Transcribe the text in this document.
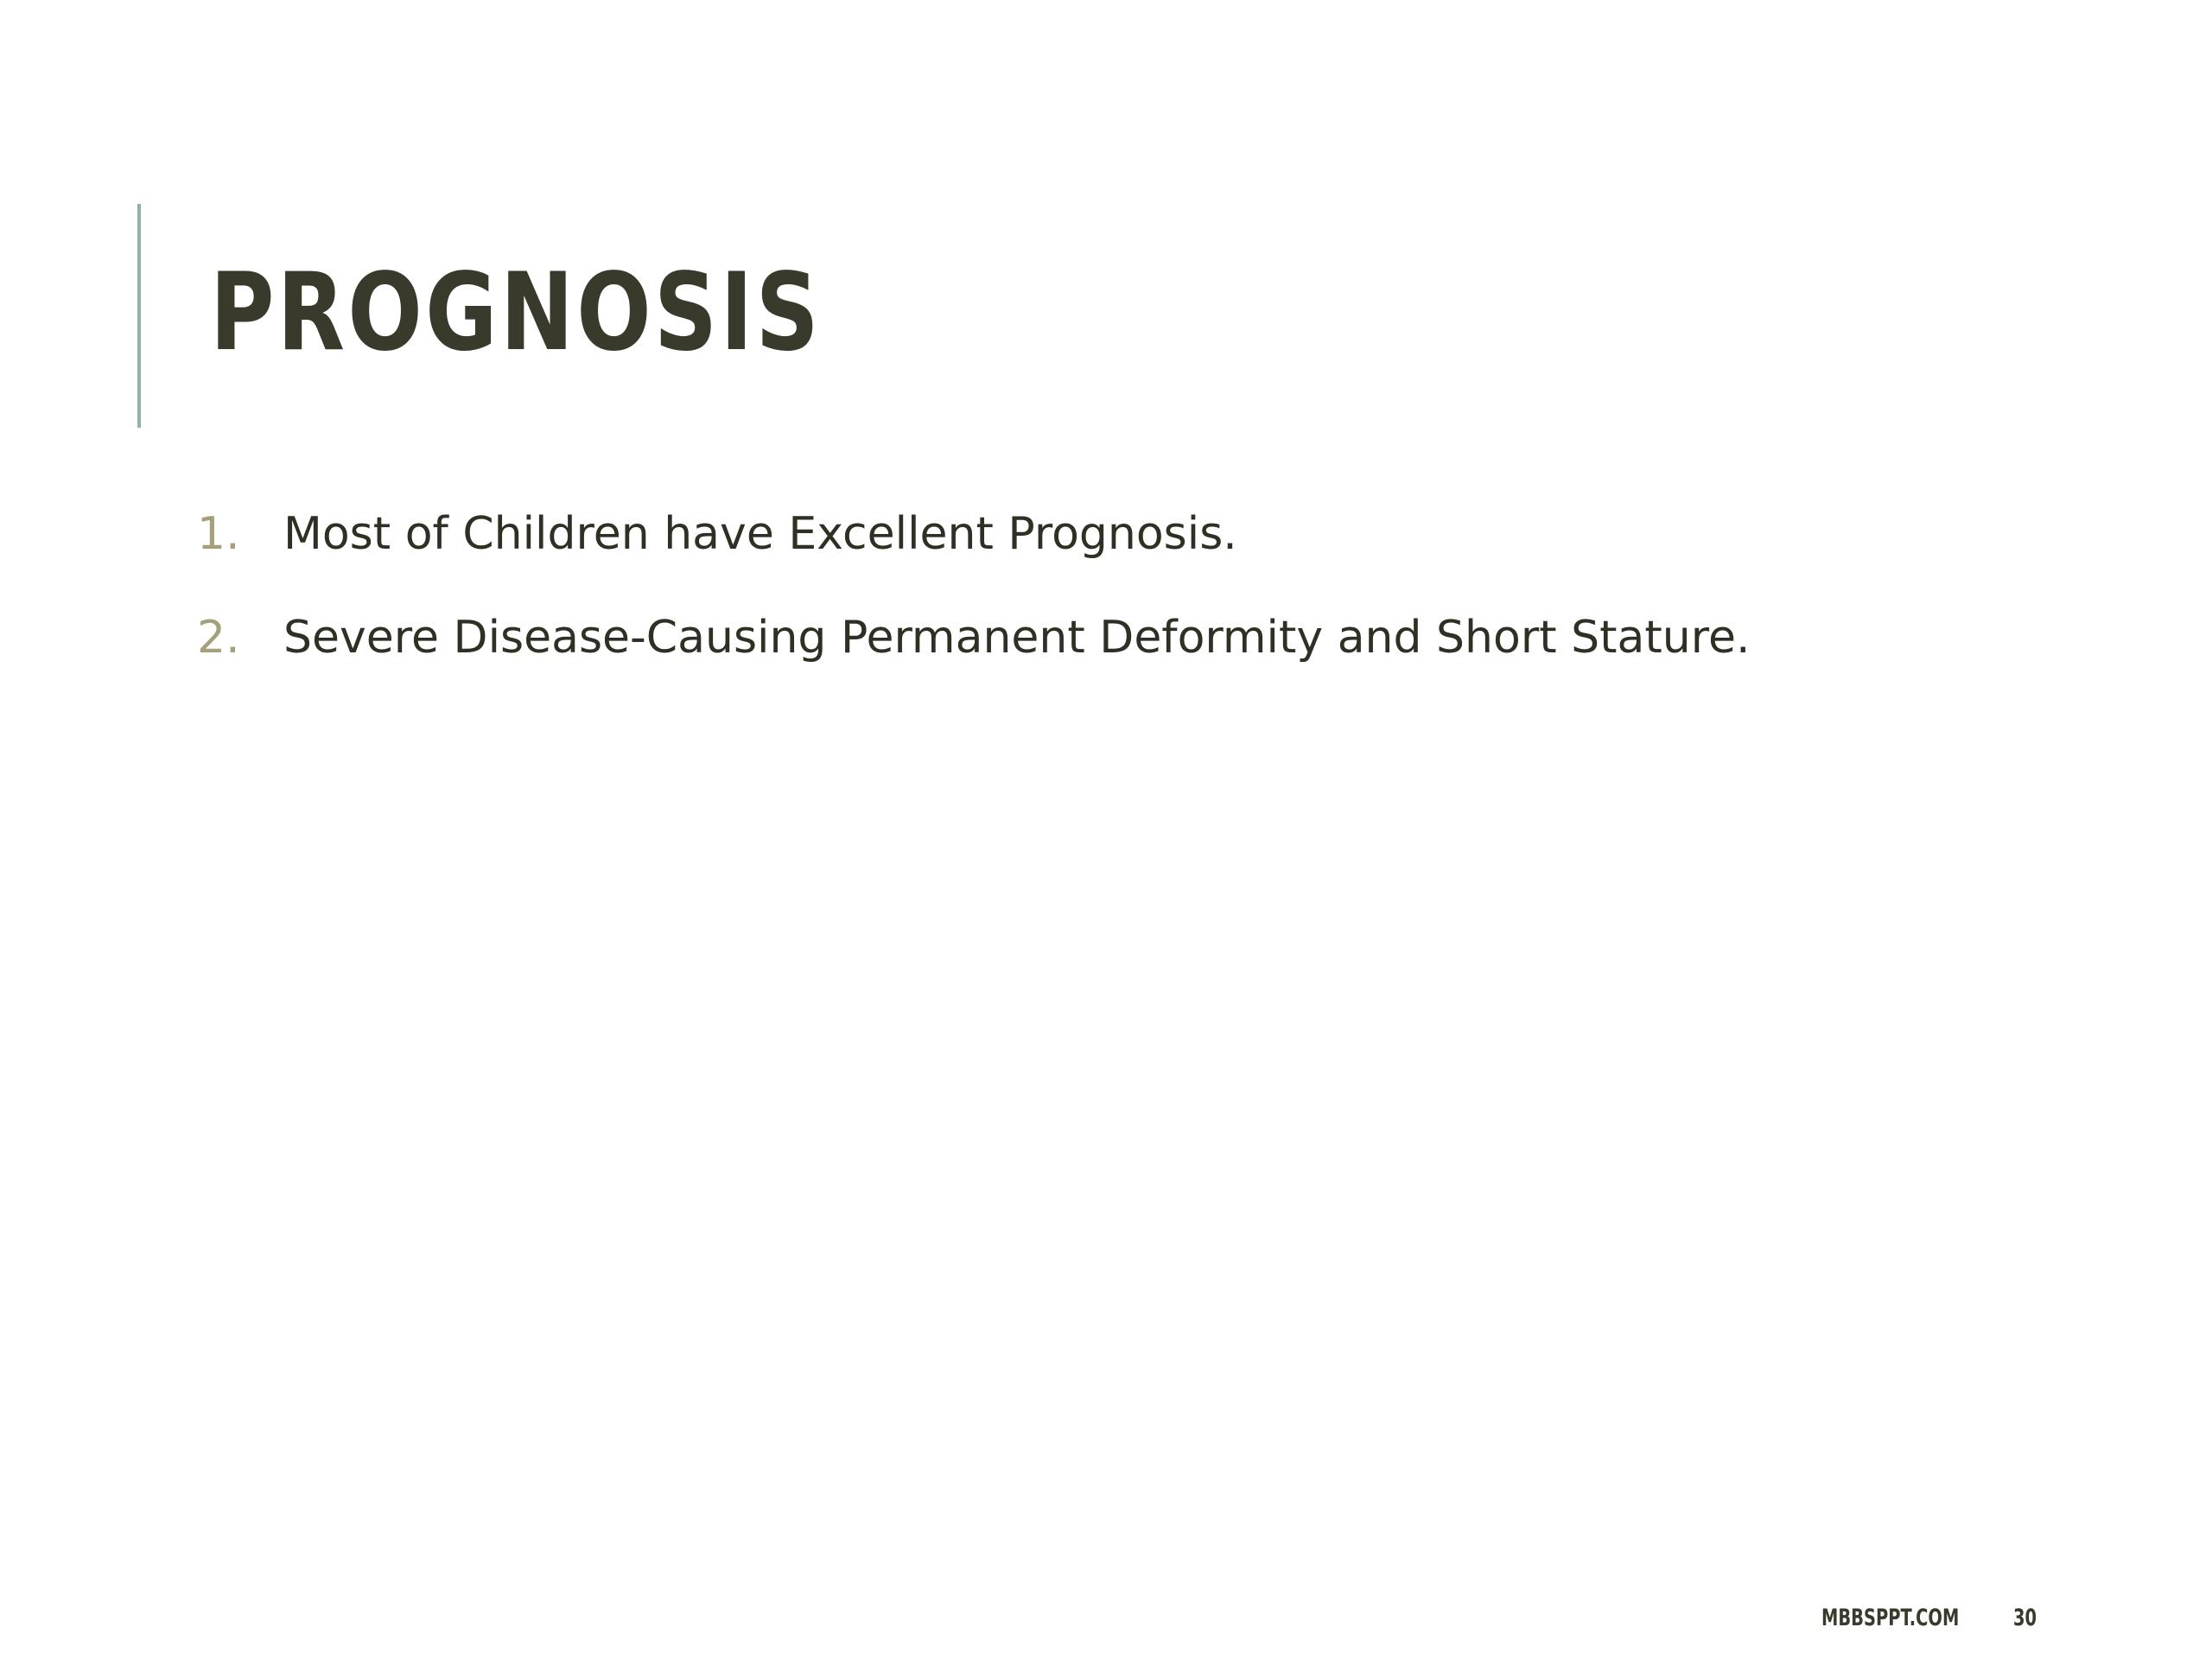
PROGNOSIS
1. Most of Children have Excellent Prognosis.
2. Severe Disease-Causing Permanent Deformity and Short Stature.
MBBSPPT.COM 30
